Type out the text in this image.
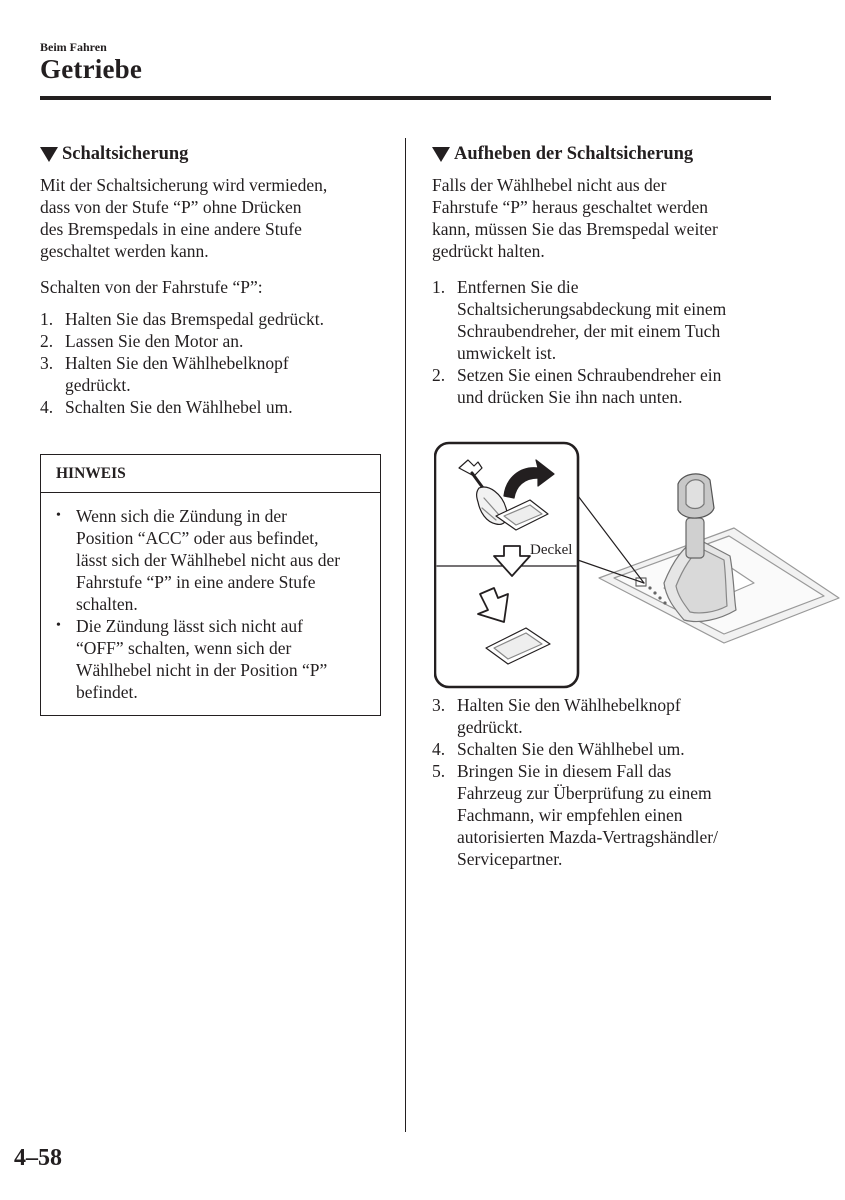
Beim Fahren
Getriebe
Schaltsicherung

Mit der Schaltsicherung wird vermieden,
dass von der Stufe “P” ohne Drücken
des Bremspedals in eine andere Stufe
geschaltet werden kann.

Schalten von der Fahrstufe “P”:

1. Halten Sie das Bremspedal gedrückt.
2. Lassen Sie den Motor an.
3. Halten Sie den Wählhebelknopf
gedrückt.
4. Schalten Sie den Wählhebel um.
HINWEIS
• Wenn sich die Zündung in der
Position “ACC” oder aus befindet,
lässt sich der Wählhebel nicht aus der
Fahrstufe “P” in eine andere Stufe
schalten.
• Die Zündung lässt sich nicht auf
“OFF” schalten, wenn sich der
Wählhebel nicht in der Position “P”
befindet.
Aufheben der Schaltsicherung

Falls der Wählhebel nicht aus der
Fahrstufe “P” heraus geschaltet werden
kann, müssen Sie das Bremspedal weiter
gedrückt halten.

1. Entfernen Sie die
Schaltsicherungsabdeckung mit einem
Schraubendreher, der mit einem Tuch
umwickelt ist.
2. Setzen Sie einen Schraubendreher ein
und drücken Sie ihn nach unten.
Deckel
3. Halten Sie den Wählhebelknopf
gedrückt.
4. Schalten Sie den Wählhebel um.
5. Bringen Sie in diesem Fall das
Fahrzeug zur Überprüfung zu einem
Fachmann, wir empfehlen einen
autorisierten Mazda-Vertragshändler/
Servicepartner.
4–58
